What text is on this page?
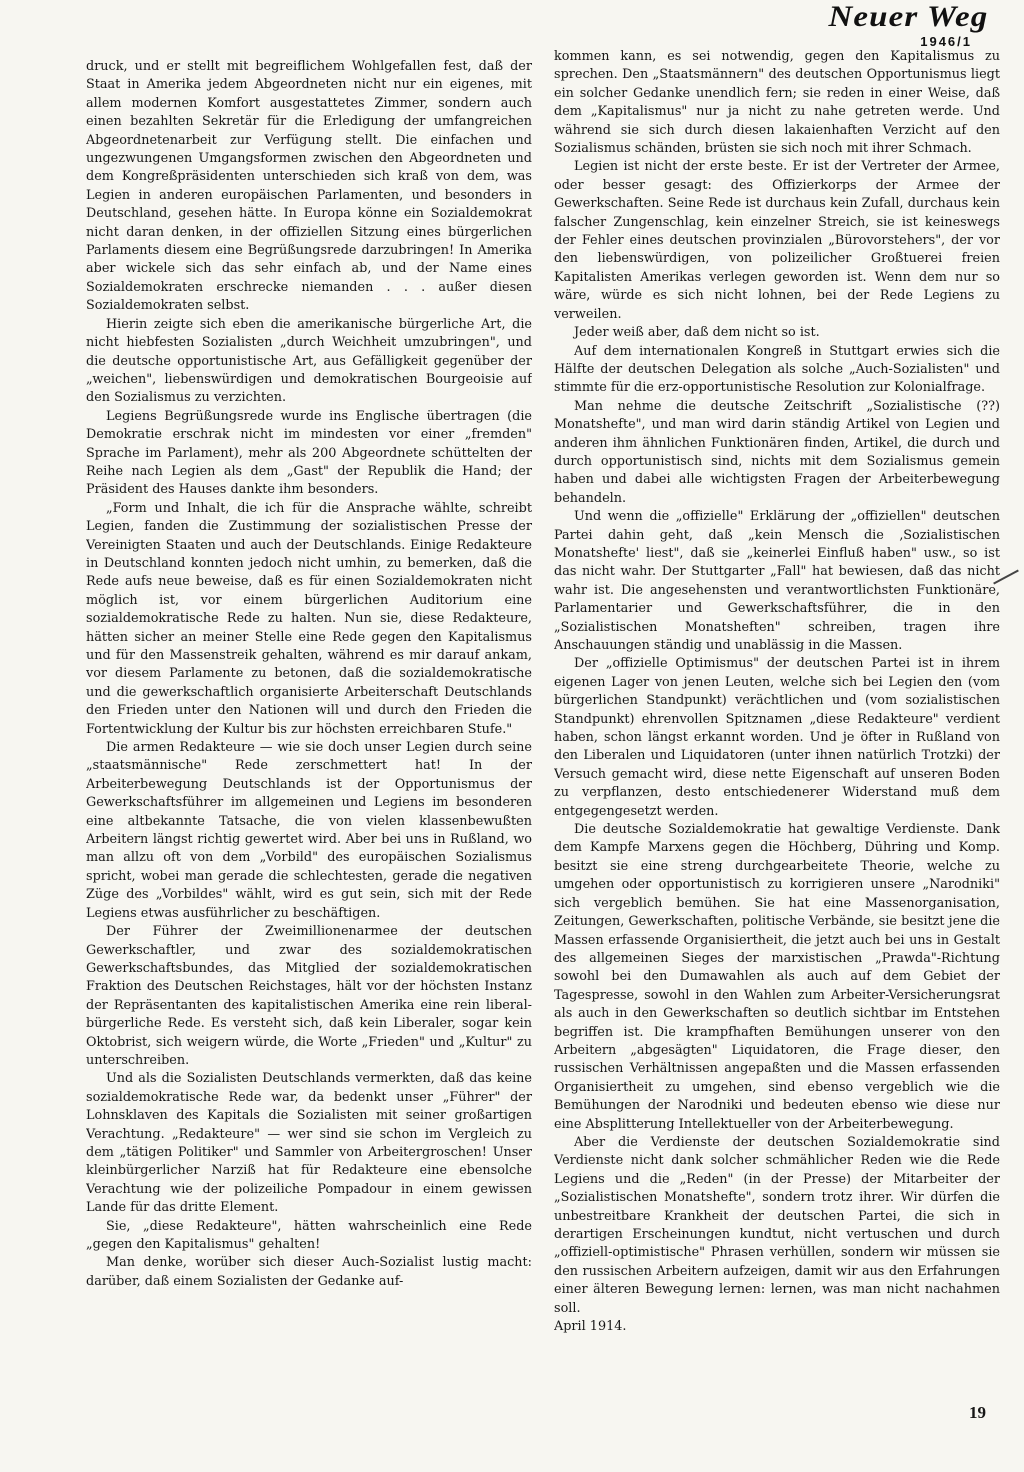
Neuer Weg
1946/1

druck, und er stellt mit begreiflichem Wohlgefallen fest, daß der Staat in Amerika jedem Abgeordneten nicht nur ein eigenes, mit allem modernen Komfort ausgestattetes Zimmer, sondern auch einen bezahlten Sekretär für die Erledigung der umfangreichen Abgeordnetenarbeit zur Verfügung stellt. Die einfachen und ungezwungenen Umgangsformen zwischen den Abgeordneten und dem Kongreßpräsidenten unterschieden sich kraß von dem, was Legien in anderen europäischen Parlamenten, und besonders in Deutschland, gesehen hätte. In Europa könne ein Sozialdemokrat nicht daran denken, in der offiziellen Sitzung eines bürgerlichen Parlaments diesem eine Begrüßungsrede darzubringen! In Amerika aber wickele sich das sehr einfach ab, und der Name eines Sozialdemokraten erschrecke niemanden . . . außer diesen Sozialdemokraten selbst.

Hierin zeigte sich eben die amerikanische bürgerliche Art, die nicht hiebfesten Sozialisten „durch Weichheit umzubringen", und die deutsche opportunistische Art, aus Gefälligkeit gegenüber der „weichen", liebenswürdigen und demokratischen Bourgeoisie auf den Sozialismus zu verzichten.

Legiens Begrüßungsrede wurde ins Englische übertragen (die Demokratie erschrak nicht im mindesten vor einer „fremden" Sprache im Parlament), mehr als 200 Abgeordnete schüttelten der Reihe nach Legien als dem „Gast" der Republik die Hand; der Präsident des Hauses dankte ihm besonders.

„Form und Inhalt, die ich für die Ansprache wählte, schreibt Legien, fanden die Zustimmung der sozialistischen Presse der Vereinigten Staaten und auch der Deutschlands. Einige Redakteure in Deutschland konnten jedoch nicht umhin, zu bemerken, daß die Rede aufs neue beweise, daß es für einen Sozialdemokraten nicht möglich ist, vor einem bürgerlichen Auditorium eine sozialdemokratische Rede zu halten. Nun sie, diese Redakteure, hätten sicher an meiner Stelle eine Rede gegen den Kapitalismus und für den Massenstreik gehalten, während es mir darauf ankam, vor diesem Parlamente zu betonen, daß die sozialdemokratische und die gewerkschaftlich organisierte Arbeiterschaft Deutschlands den Frieden unter den Nationen will und durch den Frieden die Fortentwicklung der Kultur bis zur höchsten erreichbaren Stufe."

Die armen Redakteure — wie sie doch unser Legien durch seine „staatsmännische" Rede zerschmettert hat! In der Arbeiterbewegung Deutschlands ist der Opportunismus der Gewerkschaftsführer im allgemeinen und Legiens im besonderen eine altbekannte Tatsache, die von vielen klassenbewußten Arbeitern längst richtig gewertet wird. Aber bei uns in Rußland, wo man allzu oft von dem „Vorbild" des europäischen Sozialismus spricht, wobei man gerade die schlechtesten, gerade die negativen Züge des „Vorbildes" wählt, wird es gut sein, sich mit der Rede Legiens etwas ausführlicher zu beschäftigen.

Der Führer der Zweimillionenarmee der deutschen Gewerkschaftler, und zwar des sozialdemokratischen Gewerkschaftsbundes, das Mitglied der sozialdemokratischen Fraktion des Deutschen Reichstages, hält vor der höchsten Instanz der Repräsentanten des kapitalistischen Amerika eine rein liberal-bürgerliche Rede. Es versteht sich, daß kein Liberaler, sogar kein Oktobrist, sich weigern würde, die Worte „Frieden" und „Kultur" zu unterschreiben.

Und als die Sozialisten Deutschlands vermerkten, daß das keine sozialdemokratische Rede war, da bedenkt unser „Führer" der Lohnsklaven des Kapitals die Sozialisten mit seiner großartigen Verachtung. „Redakteure" — wer sind sie schon im Vergleich zu dem „tätigen Politiker" und Sammler von Arbeitergroschen! Unser kleinbürgerlicher Narziß hat für Redakteure eine ebensolche Verachtung wie der polizeiliche Pompadour in einem gewissen Lande für das dritte Element.

Sie, „diese Redakteure", hätten wahrscheinlich eine Rede „gegen den Kapitalismus" gehalten!

Man denke, worüber sich dieser Auch-Sozialist lustig macht: darüber, daß einem Sozialisten der Gedanke auf-

kommen kann, es sei notwendig, gegen den Kapitalismus zu sprechen. Den „Staatsmännern" des deutschen Opportunismus liegt ein solcher Gedanke unendlich fern; sie reden in einer Weise, daß dem „Kapitalismus" nur ja nicht zu nahe getreten werde. Und während sie sich durch diesen lakaienhaften Verzicht auf den Sozialismus schänden, brüsten sie sich noch mit ihrer Schmach.

Legien ist nicht der erste beste. Er ist der Vertreter der Armee, oder besser gesagt: des Offizierkorps der Armee der Gewerkschaften. Seine Rede ist durchaus kein Zufall, durchaus kein falscher Zungenschlag, kein einzelner Streich, sie ist keineswegs der Fehler eines deutschen provinzialen „Bürovorstehers", der vor den liebenswürdigen, von polizeilicher Großtuerei freien Kapitalisten Amerikas verlegen geworden ist. Wenn dem nur so wäre, würde es sich nicht lohnen, bei der Rede Legiens zu verweilen.

Jeder weiß aber, daß dem nicht so ist.

Auf dem internationalen Kongreß in Stuttgart erwies sich die Hälfte der deutschen Delegation als solche „Auch-Sozialisten" und stimmte für die erz-opportunistische Resolution zur Kolonialfrage.

Man nehme die deutsche Zeitschrift „Sozialistische (??) Monatshefte", und man wird darin ständig Artikel von Legien und anderen ihm ähnlichen Funktionären finden, Artikel, die durch und durch opportunistisch sind, nichts mit dem Sozialismus gemein haben und dabei alle wichtigsten Fragen der Arbeiterbewegung behandeln.

Und wenn die „offizielle" Erklärung der „offiziellen" deutschen Partei dahin geht, daß „kein Mensch die ‚Sozialistischen Monatshefte' liest", daß sie „keinerlei Einfluß haben" usw., so ist das nicht wahr. Der Stuttgarter „Fall" hat bewiesen, daß das nicht wahr ist. Die angesehensten und verantwortlichsten Funktionäre, Parlamentarier und Gewerkschaftsführer, die in den „Sozialistischen Monatsheften" schreiben, tragen ihre Anschauungen ständig und unablässig in die Massen.

Der „offizielle Optimismus" der deutschen Partei ist in ihrem eigenen Lager von jenen Leuten, welche sich bei Legien den (vom bürgerlichen Standpunkt) verächtlichen und (vom sozialistischen Standpunkt) ehrenvollen Spitznamen „diese Redakteure" verdient haben, schon längst erkannt worden. Und je öfter in Rußland von den Liberalen und Liquidatoren (unter ihnen natürlich Trotzki) der Versuch gemacht wird, diese nette Eigenschaft auf unseren Boden zu verpflanzen, desto entschiedenerer Widerstand muß dem entgegengesetzt werden.

Die deutsche Sozialdemokratie hat gewaltige Verdienste. Dank dem Kampfe Marxens gegen die Höchberg, Dühring und Komp. besitzt sie eine streng durchgearbeitete Theorie, welche zu umgehen oder opportunistisch zu korrigieren unsere „Narodniki" sich vergeblich bemühen. Sie hat eine Massenorganisation, Zeitungen, Gewerkschaften, politische Verbände, sie besitzt jene die Massen erfassende Organisiertheit, die jetzt auch bei uns in Gestalt des allgemeinen Sieges der marxistischen „Prawda"-Richtung sowohl bei den Dumawahlen als auch auf dem Gebiet der Tagespresse, sowohl in den Wahlen zum Arbeiter-Versicherungsrat als auch in den Gewerkschaften so deutlich sichtbar im Entstehen begriffen ist. Die krampfhaften Bemühungen unserer von den Arbeitern „abgesägten" Liquidatoren, die Frage dieser, den russischen Verhältnissen angepaßten und die Massen erfassenden Organisiertheit zu umgehen, sind ebenso vergeblich wie die Bemühungen der Narodniki und bedeuten ebenso wie diese nur eine Absplitterung Intellektueller von der Arbeiterbewegung.

Aber die Verdienste der deutschen Sozialdemokratie sind Verdienste nicht dank solcher schmählicher Reden wie die Rede Legiens und die „Reden" (in der Presse) der Mitarbeiter der „Sozialistischen Monatshefte", sondern trotz ihrer. Wir dürfen die unbestreitbare Krankheit der deutschen Partei, die sich in derartigen Erscheinungen kundtut, nicht vertuschen und durch „offiziell-optimistische" Phrasen verhüllen, sondern wir müssen sie den russischen Arbeitern aufzeigen, damit wir aus den Erfahrungen einer älteren Bewegung lernen: lernen, was man nicht nachahmen soll.

April 1914.

19
